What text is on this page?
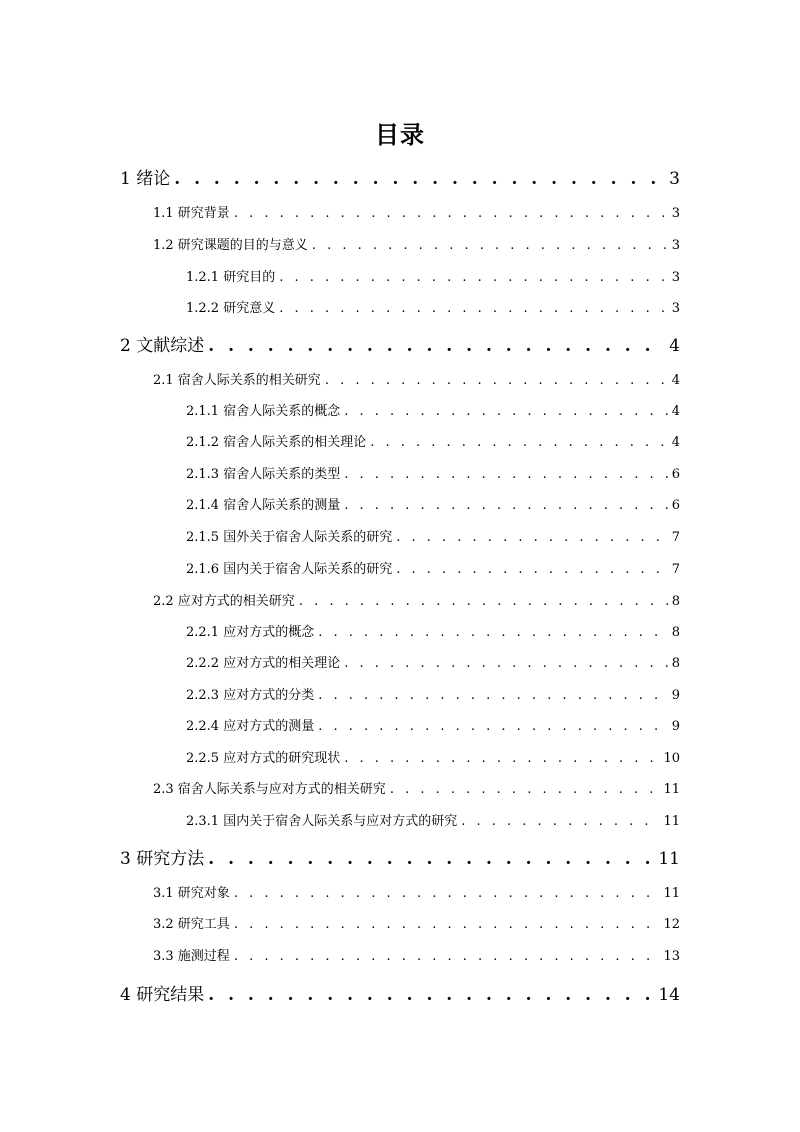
目录
1 绪论 . . .	3
1.1 研究背景 . . .	3
1.2 研究课题的目的与意义 . . .	3
1.2.1 研究目的 . . .	3
1.2.2 研究意义 . . .	3
2 文献综述 . . .	4
2.1 宿舍人际关系的相关研究 . . .	4
2.1.1 宿舍人际关系的概念 . . .	4
2.1.2 宿舍人际关系的相关理论 . . .	4
2.1.3 宿舍人际关系的类型 . . .	6
2.1.4 宿舍人际关系的测量 . . .	6
2.1.5 国外关于宿舍人际关系的研究 . . .	7
2.1.6 国内关于宿舍人际关系的研究 . . .	7
2.2 应对方式的相关研究 . . .	8
2.2.1 应对方式的概念 . . .	8
2.2.2 应对方式的相关理论 . . .	8
2.2.3 应对方式的分类 . . .	9
2.2.4 应对方式的测量 . . .	9
2.2.5 应对方式的研究现状 . . .	10
2.3 宿舍人际关系与应对方式的相关研究 . . .	11
2.3.1 国内关于宿舍人际关系与应对方式的研究 . . .	11
3 研究方法 . . .	11
3.1 研究对象 . . .	11
3.2 研究工具 . . .	12
3.3 施测过程 . . .	13
4 研究结果 . . .	14
